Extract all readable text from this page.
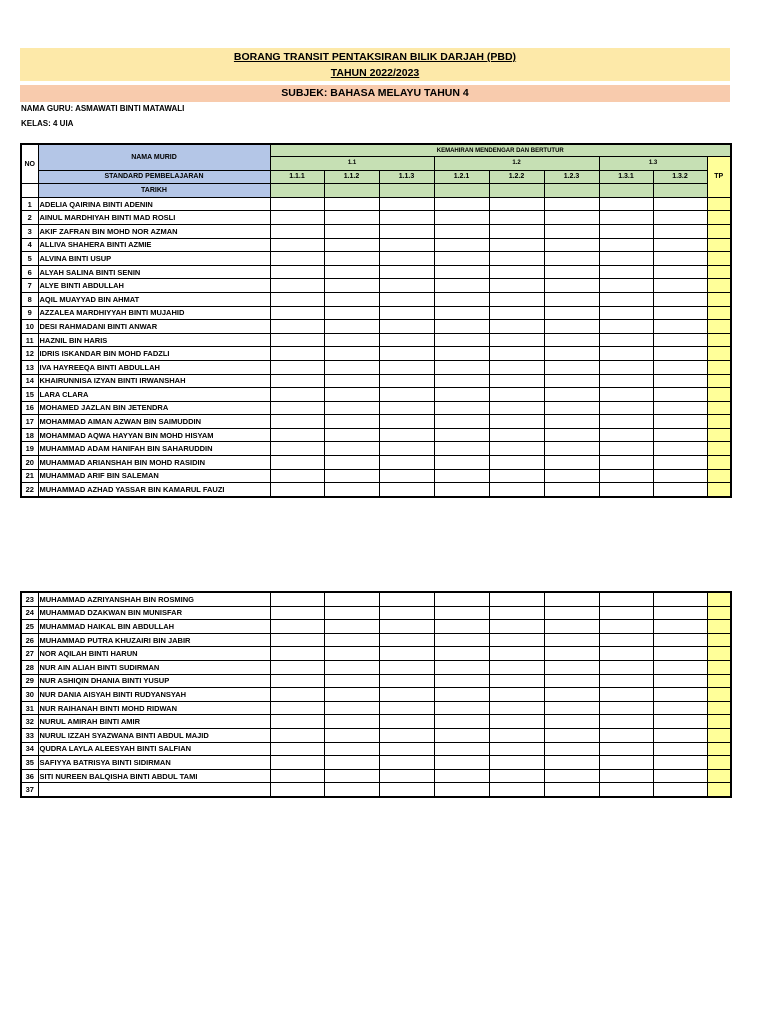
BORANG TRANSIT PENTAKSIRAN BILIK DARJAH (PBD)
TAHUN 2022/2023
SUBJEK: BAHASA MELAYU TAHUN 4
NAMA GURU: ASMAWATI BINTI MATAWALI
KELAS: 4 UIA
NO	NAMA MURID	KEMAHIRAN MENDENGAR DAN BERTUTUR								
		1.1			1.2			1.3		TP
	STANDARD PEMBELAJARAN	1.1.1	1.1.2	1.1.3	1.2.1	1.2.2	1.2.3	1.3.1	1.3.2	
	TARIKH									
1	ADELIA QAIRINA BINTI ADENIN									
2	AINUL MARDHIYAH BINTI MAD ROSLI									
3	AKIF ZAFRAN BIN MOHD NOR AZMAN									
4	ALLIVA SHAHERA BINTI AZMIE									
5	ALVINA BINTI USUP									
6	ALYAH SALINA BINTI SENIN									
7	ALYE BINTI ABDULLAH									
8	AQIL MUAYYAD BIN AHMAT									
9	AZZALEA MARDHIYYAH BINTI MUJAHID									
10	DESI RAHMADANI BINTI ANWAR									
11	HAZNIL BIN HARIS									
12	IDRIS ISKANDAR BIN MOHD FADZLI									
13	IVA HAYREEQA BINTI ABDULLAH									
14	KHAIRUNNISA IZYAN BINTI IRWANSHAH									
15	LARA CLARA									
16	MOHAMED JAZLAN BIN JETENDRA									
17	MOHAMMAD AIMAN AZWAN BIN SAIMUDDIN									
18	MOHAMMAD AQWA HAYYAN BIN MOHD HISYAM									
19	MUHAMMAD ADAM HANIFAH BIN SAHARUDDIN									
20	MUHAMMAD ARIANSHAH BIN MOHD RASIDIN									
21	MUHAMMAD ARIF BIN SALEMAN									
22	MUHAMMAD AZHAD YASSAR BIN KAMARUL FAUZI									
23	MUHAMMAD AZRIYANSHAH BIN ROSMING									
24	MUHAMMAD DZAKWAN BIN MUNISFAR									
25	MUHAMMAD HAIKAL BIN ABDULLAH									
26	MUHAMMAD PUTRA KHUZAIRI BIN JABIR									
27	NOR AQILAH BINTI HARUN									
28	NUR AIN ALIAH BINTI SUDIRMAN									
29	NUR ASHIQIN DHANIA BINTI YUSUP									
30	NUR DANIA AISYAH BINTI RUDYANSYAH									
31	NUR RAIHANAH BINTI MOHD RIDWAN									
32	NURUL AMIRAH BINTI AMIR									
33	NURUL IZZAH SYAZWANA BINTI ABDUL MAJID									
34	QUDRA LAYLA ALEESYAH BINTI SALFIAN									
35	SAFIYYA BATRISYA BINTI SIDIRMAN									
36	SITI NUREEN BALQISHA BINTI ABDUL TAMI									
37										
